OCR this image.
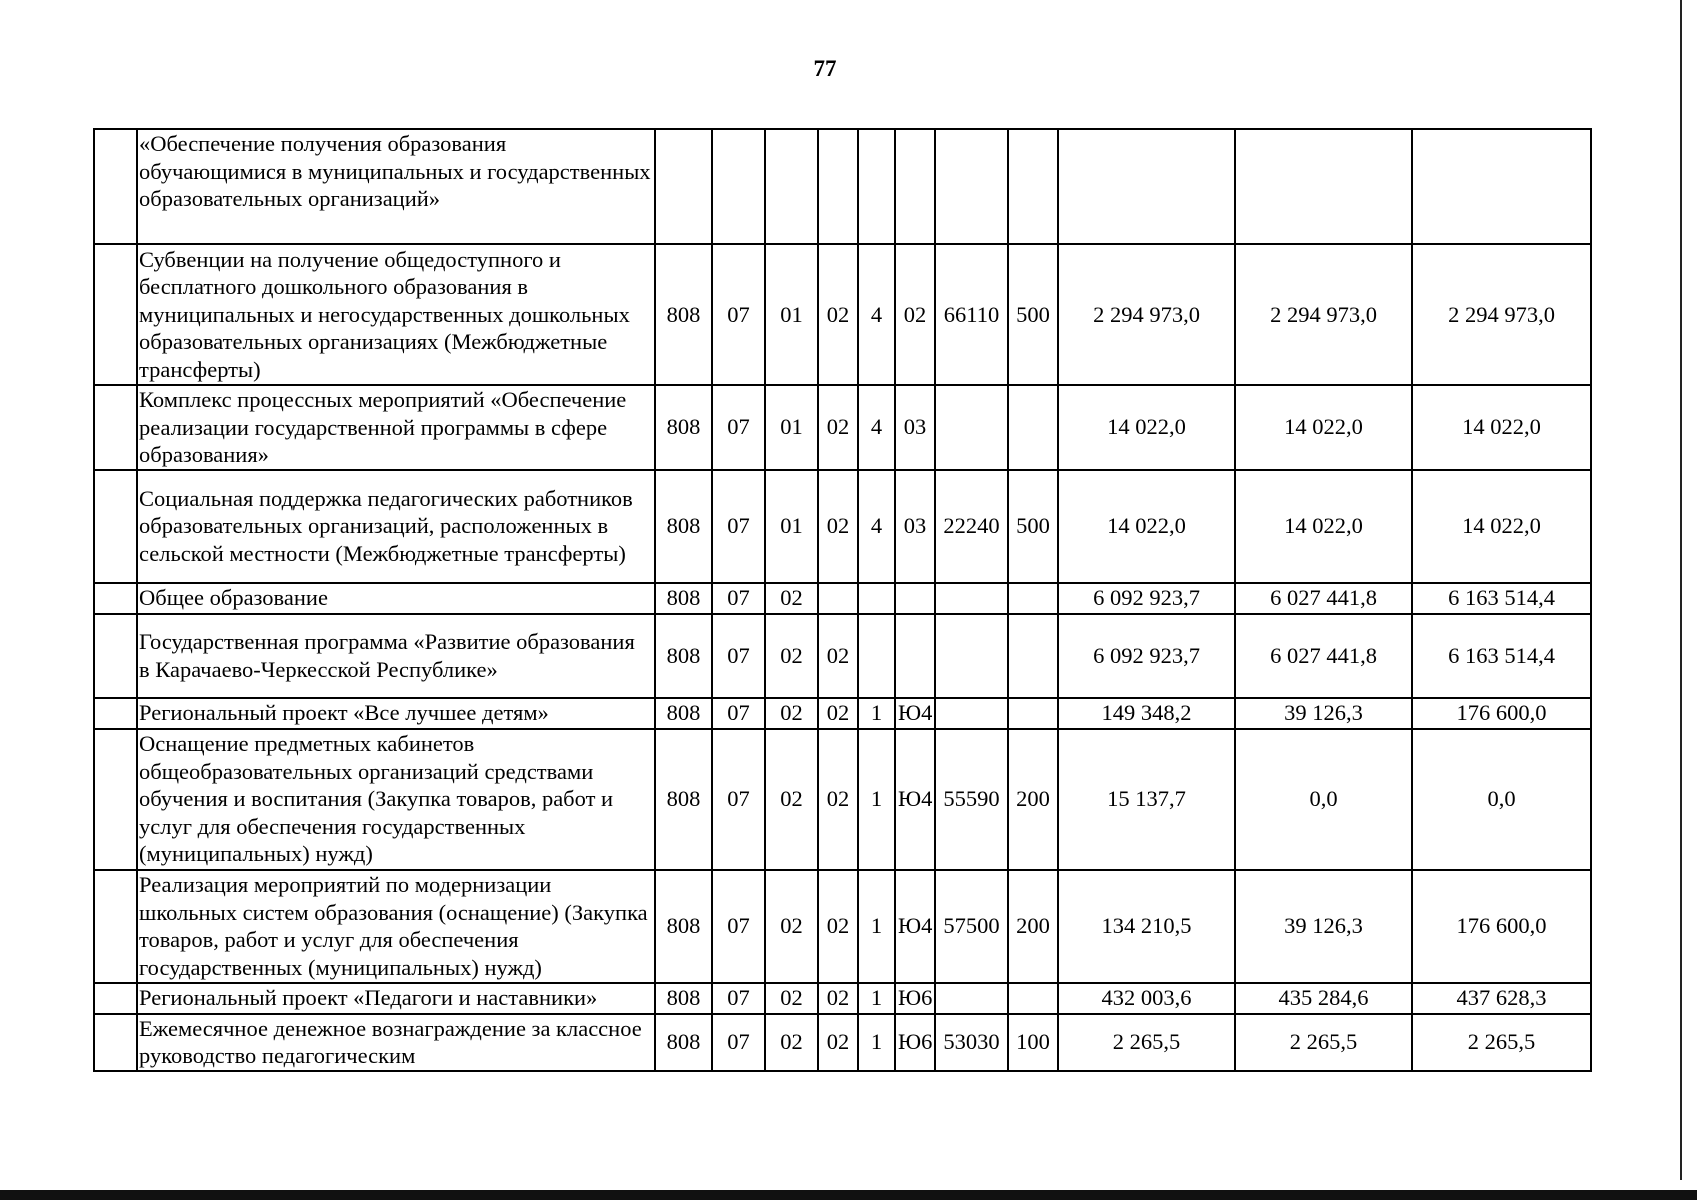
77
	«Обеспечение получения образования обучающимися в муниципальных и государственных образовательных организаций»											
	Субвенции на получение общедоступного и бесплатного дошкольного образования в муниципальных и негосударственных дошкольных образовательных организациях (Межбюджетные трансферты)	808	07	01	02	4	02	66110	500	2 294 973,0	2 294 973,0	2 294 973,0
	Комплекс процессных мероприятий «Обеспечение реализации государственной программы в сфере образования»	808	07	01	02	4	03			14 022,0	14 022,0	14 022,0
	Социальная поддержка педагогических работников образовательных организаций, расположенных в сельской местности (Межбюджетные трансферты)	808	07	01	02	4	03	22240	500	14 022,0	14 022,0	14 022,0
	Общее образование	808	07	02						6 092 923,7	6 027 441,8	6 163 514,4
	Государственная программа «Развитие образования в Карачаево-Черкесской Республике»	808	07	02	02					6 092 923,7	6 027 441,8	6 163 514,4
	Региональный проект «Все лучшее детям»	808	07	02	02	1	Ю4			149 348,2	39 126,3	176 600,0
	Оснащение предметных кабинетов общеобразовательных организаций средствами обучения и воспитания (Закупка товаров, работ и услуг для обеспечения государственных (муниципальных) нужд)	808	07	02	02	1	Ю4	55590	200	15 137,7	0,0	0,0
	Реализация мероприятий по модернизации школьных систем образования (оснащение) (Закупка товаров, работ и услуг для обеспечения государственных (муниципальных) нужд)	808	07	02	02	1	Ю4	57500	200	134 210,5	39 126,3	176 600,0
	Региональный проект «Педагоги и наставники»	808	07	02	02	1	Ю6			432 003,6	435 284,6	437 628,3
	Ежемесячное денежное вознаграждение за классное руководство педагогическим	808	07	02	02	1	Ю6	53030	100	2 265,5	2 265,5	2 265,5
